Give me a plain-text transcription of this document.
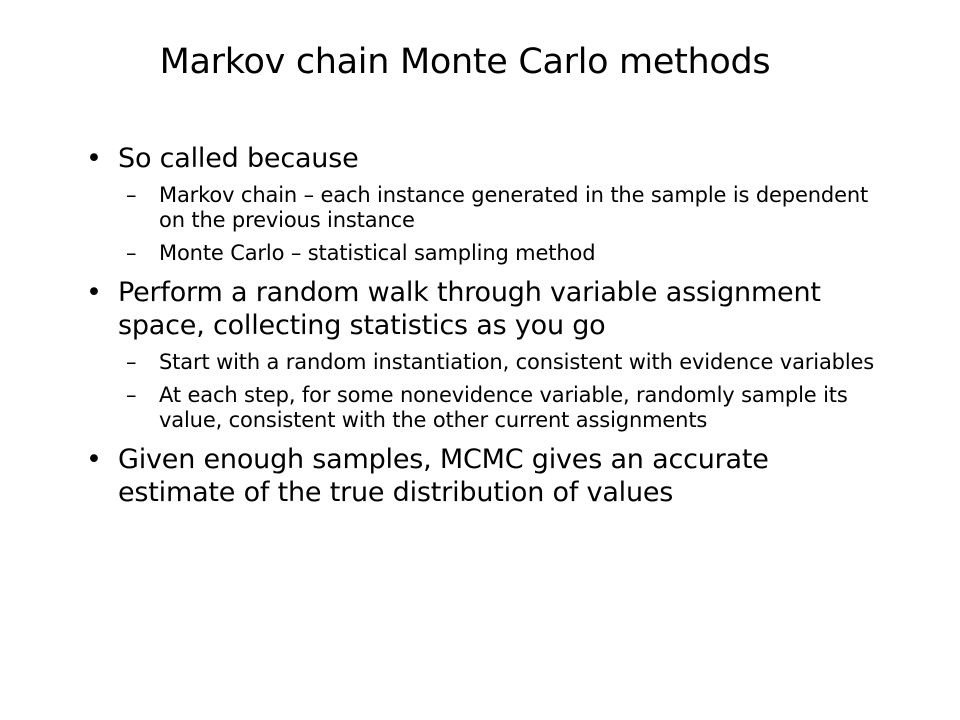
Markov chain Monte Carlo methods
• So called because
– Markov chain – each instance generated in the sample is dependent on the previous instance
– Monte Carlo – statistical sampling method
• Perform a random walk through variable assignment space, collecting statistics as you go
– Start with a random instantiation, consistent with evidence variables
– At each step, for some nonevidence variable, randomly sample its value, consistent with the other current assignments
• Given enough samples, MCMC gives an accurate estimate of the true distribution of values
